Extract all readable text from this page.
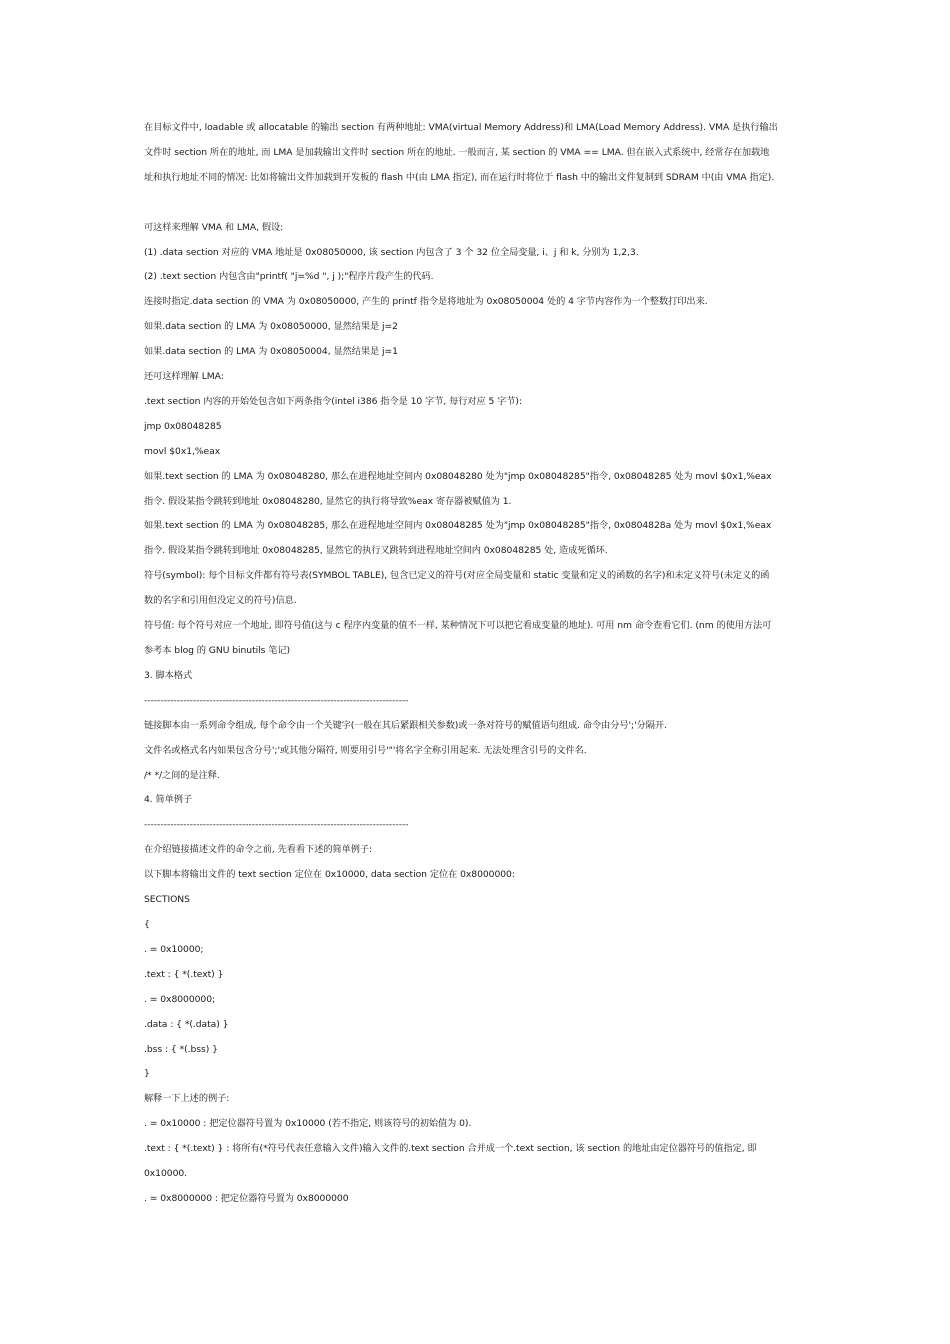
在目标文件中, loadable 或 allocatable 的输出 section 有两种地址: VMA(virtual Memory Address)和 LMA(Load Memory Address). VMA 是执行输出
文件时 section 所在的地址, 而 LMA 是加载输出文件时 section 所在的地址. 一般而言, 某 section 的 VMA == LMA. 但在嵌入式系统中, 经常存在加载地
址和执行地址不同的情况: 比如将输出文件加载到开发板的 flash 中(由 LMA 指定), 而在运行时将位于 flash 中的输出文件复制到 SDRAM 中(由 VMA 指定).
可这样来理解 VMA 和 LMA, 假设:
(1) .data section 对应的 VMA 地址是 0x08050000, 该 section 内包含了 3 个 32 位全局变量, i、j 和 k, 分别为 1,2,3.
(2) .text section 内包含由"printf( "j=%d ", j );"程序片段产生的代码.
连接时指定.data section 的 VMA 为 0x08050000, 产生的 printf 指令是将地址为 0x08050004 处的 4 字节内容作为一个整数打印出来.
如果.data section 的 LMA 为 0x08050000, 显然结果是 j=2
如果.data section 的 LMA 为 0x08050004, 显然结果是 j=1
还可这样理解 LMA:
.text section 内容的开始处包含如下两条指令(intel i386 指令是 10 字节, 每行对应 5 字节):
jmp 0x08048285
movl $0x1,%eax
如果.text section 的 LMA 为 0x08048280, 那么在进程地址空间内 0x08048280 处为"jmp 0x08048285"指令, 0x08048285 处为 movl $0x1,%eax
指令. 假设某指令跳转到地址 0x08048280, 显然它的执行将导致%eax 寄存器被赋值为 1.
如果.text section 的 LMA 为 0x08048285, 那么在进程地址空间内 0x08048285 处为"jmp 0x08048285"指令, 0x0804828a 处为 movl $0x1,%eax
指令. 假设某指令跳转到地址 0x08048285, 显然它的执行又跳转到进程地址空间内 0x08048285 处, 造成死循环.
符号(symbol): 每个目标文件都有符号表(SYMBOL TABLE), 包含已定义的符号(对应全局变量和 static 变量和定义的函数的名字)和未定义符号(未定义的函
数的名字和引用但没定义的符号)信息.
符号值: 每个符号对应一个地址, 即符号值(这与 c 程序内变量的值不一样, 某种情况下可以把它看成变量的地址). 可用 nm 命令查看它们. (nm 的使用方法可
参考本 blog 的 GNU binutils 笔记)
3. 脚本格式
---------------------------------------------------------------------------------
链接脚本由一系列命令组成, 每个命令由一个关键字(一般在其后紧跟相关参数)或一条对符号的赋值语句组成. 命令由分号';'分隔开.
文件名或格式名内如果包含分号';'或其他分隔符, 则要用引号'"'将名字全称引用起来. 无法处理含引号的文件名.
/* */之间的是注释.
4. 简单例子
---------------------------------------------------------------------------------
在介绍链接描述文件的命令之前, 先看看下述的简单例子:
以下脚本将输出文件的 text section 定位在 0x10000, data section 定位在 0x8000000:
SECTIONS
{
. = 0x10000;
.text : { *(.text) }
. = 0x8000000;
.data : { *(.data) }
.bss : { *(.bss) }
}
解释一下上述的例子:
. = 0x10000 : 把定位器符号置为 0x10000 (若不指定, 则该符号的初始值为 0).
.text : { *(.text) } : 将所有(*符号代表任意输入文件)输入文件的.text section 合并成一个.text section, 该 section 的地址由定位器符号的值指定, 即
0x10000.
. = 0x8000000 : 把定位器符号置为 0x8000000
